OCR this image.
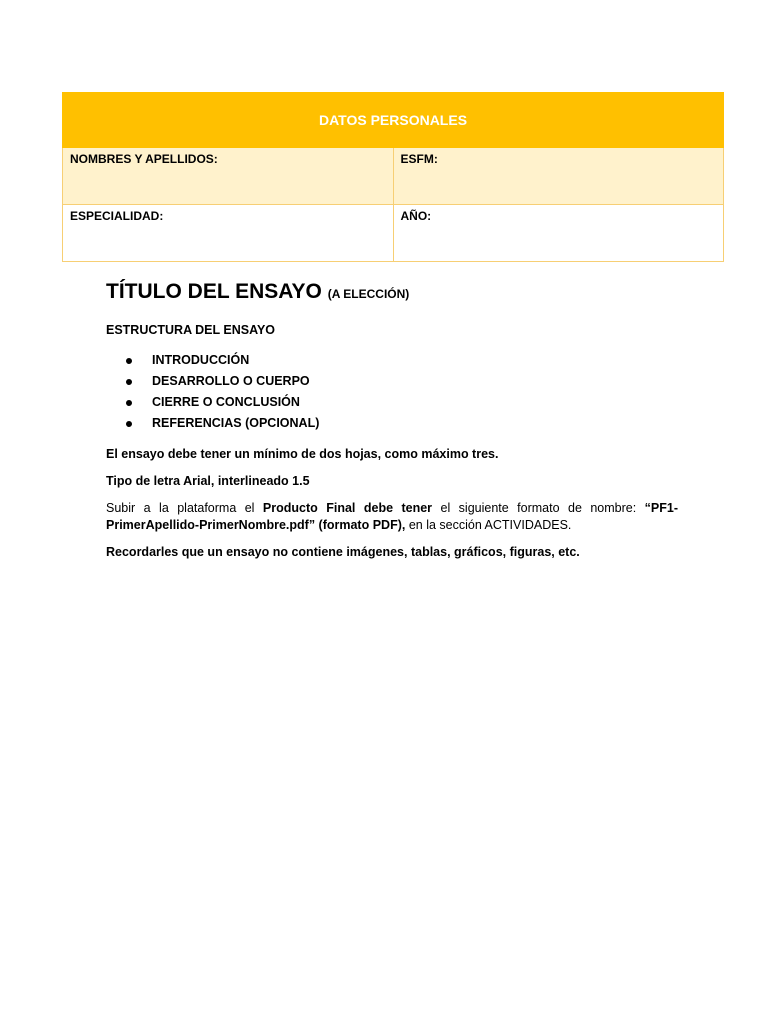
DATOS PERSONALES	
NOMBRES Y APELLIDOS:	ESFM:
ESPECIALIDAD:	AÑO:
TÍTULO DEL ENSAYO (A ELECCIÓN)

ESTRUCTURA DEL ENSAYO

INTRODUCCIÓN
DESARROLLO O CUERPO
CIERRE O CONCLUSIÓN
REFERENCIAS (OPCIONAL)

El ensayo debe tener un mínimo de dos hojas, como máximo tres.

Tipo de letra Arial, interlineado 1.5

Subir a la plataforma el Producto Final debe tener el siguiente formato de nombre: “PF1-PrimerApellido-PrimerNombre.pdf” (formato PDF), en la sección ACTIVIDADES.

Recordarles que un ensayo no contiene imágenes, tablas, gráficos, figuras, etc.
